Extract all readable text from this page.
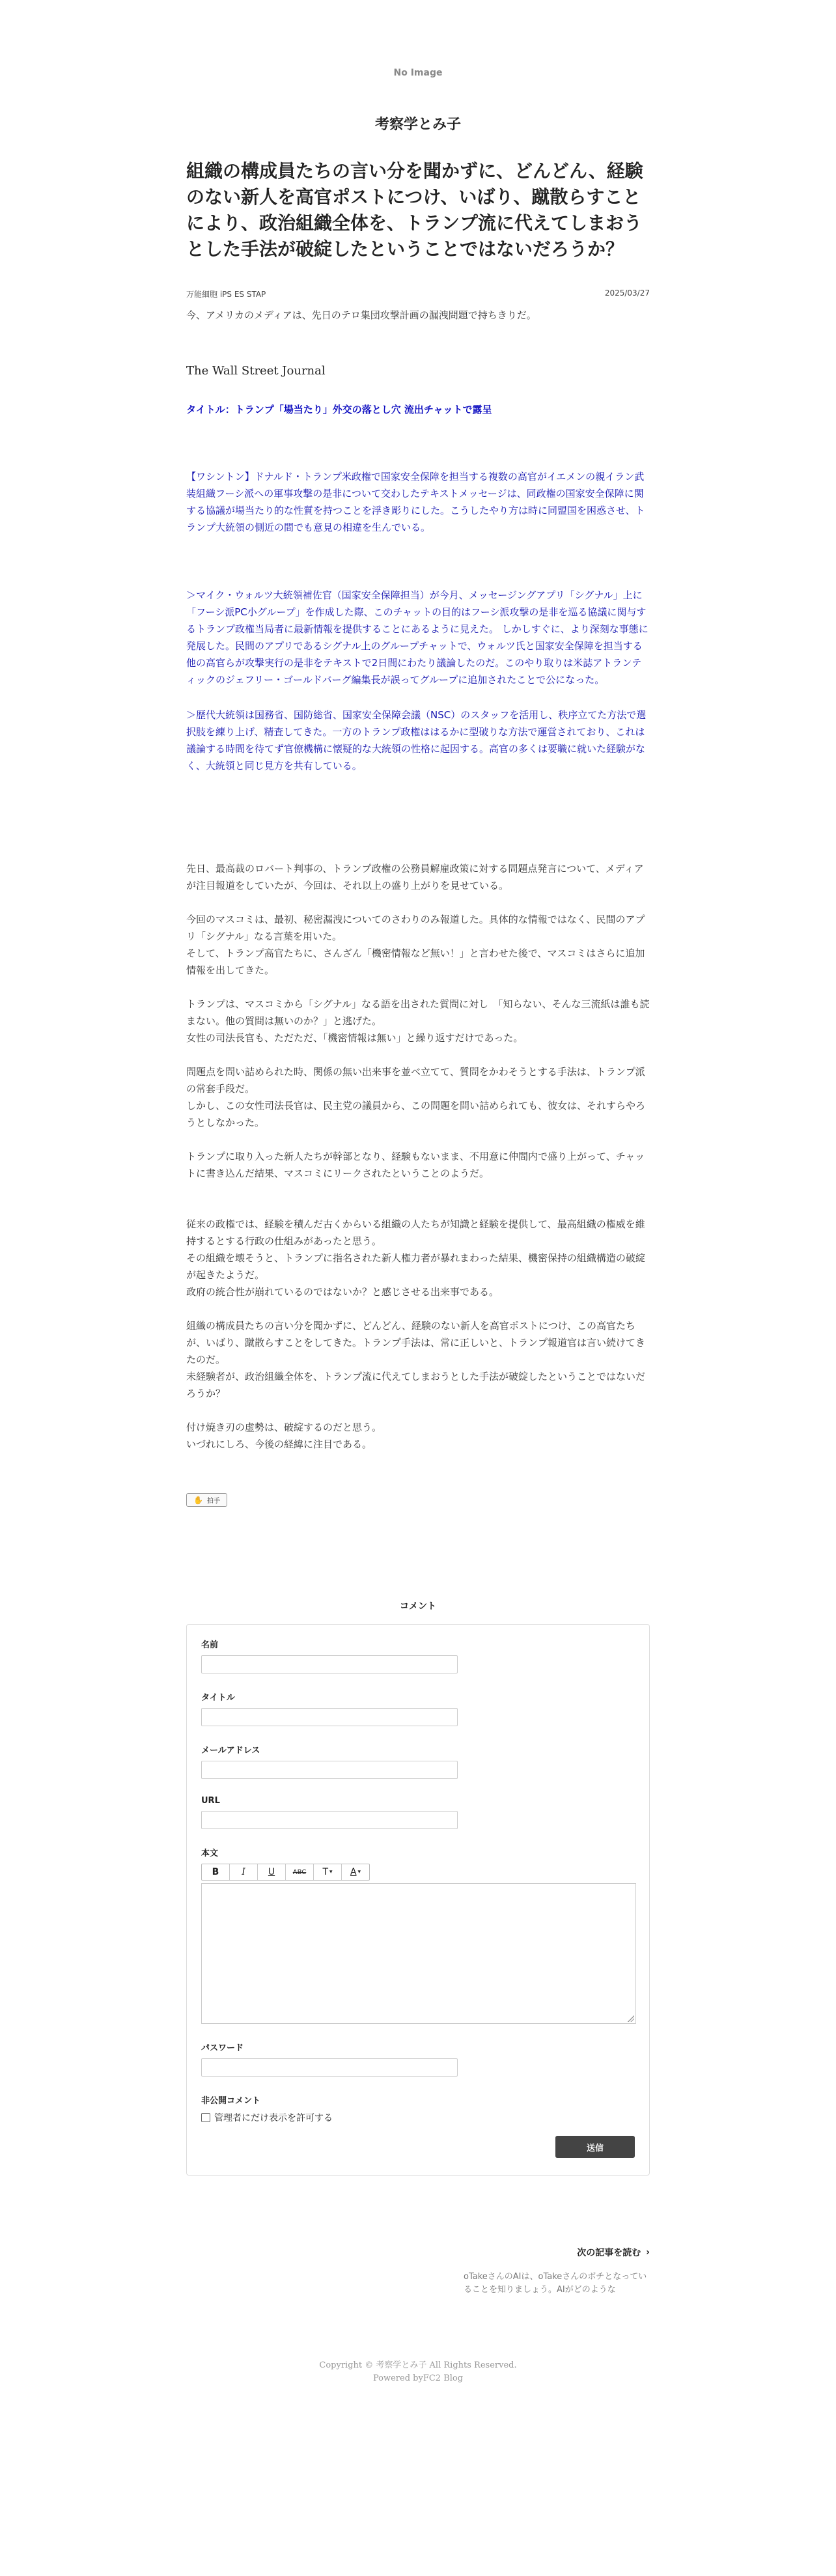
No Image
考察学とみ子
組織の構成員たちの言い分を聞かずに、どんどん、経験のない新人を高官ポストにつけ、いばり、蹴散らすことにより、政治組織全体を、トランプ流に代えてしまおうとした手法が破綻したということではないだろうか？
万能細胞 iPS ES STAP	2025/03/27
今、アメリカのメディアは、先日のテロ集団攻撃計画の漏洩問題で持ちきりだ。
The Wall Street Journal
タイトル：トランプ「場当たり」外交の落とし穴 流出チャットで露呈

【ワシントン】ドナルド・トランプ米政権で国家安全保障を担当する複数の高官がイエメンの親イラン武装組織フーシ派への軍事攻撃の是非について交わしたテキストメッセージは、同政権の国家安全保障に関する協議が場当たり的な性質を持つことを浮き彫りにした。こうしたやり方は時に同盟国を困惑させ、トランプ大統領の側近の間でも意見の相違を生んでいる。

＞マイク・ウォルツ大統領補佐官（国家安全保障担当）が今月、メッセージングアプリ「シグナル」上に「フーシ派PC小グループ」を作成した際、このチャットの目的はフーシ派攻撃の是非を巡る協議に関与するトランプ政権当局者に最新情報を提供することにあるように見えた。 しかしすぐに、より深刻な事態に発展した。民間のアプリであるシグナル上のグループチャットで、ウォルツ氏と国家安全保障を担当する他の高官らが攻撃実行の是非をテキストで2日間にわたり議論したのだ。このやり取りは米誌アトランティックのジェフリー・ゴールドバーグ編集長が誤ってグループに追加されたことで公になった。

＞歴代大統領は国務省、国防総省、国家安全保障会議（NSC）のスタッフを活用し、秩序立てた方法で選択肢を練り上げ、精査してきた。一方のトランプ政権ははるかに型破りな方法で運営されており、これは議論する時間を待てず官僚機構に懐疑的な大統領の性格に起因する。高官の多くは要職に就いた経験がなく、大統領と同じ見方を共有している。

先日、最高裁のロバート判事の、トランプ政権の公務員解雇政策に対する問題点発言について、メディアが注目報道をしていたが、今回は、それ以上の盛り上がりを見せている。

今回のマスコミは、最初、秘密漏洩についてのさわりのみ報道した。具体的な情報ではなく、民間のアプリ「シグナル」なる言葉を用いた。
そして、トランプ高官たちに、さんざん「機密情報など無い！」と言わせた後で、マスコミはさらに追加情報を出してきた。

トランプは、マスコミから「シグナル」なる語を出された質問に対し　「知らない、そんな三流紙は誰も読まない。他の質問は無いのか？」と逃げた。
女性の司法長官も、ただただ、「機密情報は無い」と繰り返すだけであった。

問題点を問い詰められた時、関係の無い出来事を並べ立てて、質問をかわそうとする手法は、トランプ派の常套手段だ。
しかし、この女性司法長官は、民主党の議員から、この問題を問い詰められても、彼女は、それすらやろうとしなかった。

トランプに取り入った新人たちが幹部となり、経験もないまま、不用意に仲間内で盛り上がって、チャットに書き込んだ結果、マスコミにリークされたということのようだ。

従来の政権では、経験を積んだ古くからいる組織の人たちが知識と経験を提供して、最高組織の権威を維持するとする行政の仕組みがあったと思う。
その組織を壊そうと、トランプに指名された新人権力者が暴れまわった結果、機密保持の組織構造の破綻が起きたようだ。
政府の統合性が崩れているのではないか？と感じさせる出来事である。

組織の構成員たちの言い分を聞かずに、どんどん、経験のない新人を高官ポストにつけ、この高官たちが、いばり、蹴散らすことをしてきた。トランプ手法は、常に正しいと、トランプ報道官は言い続けてきたのだ。
未経験者が、政治組織全体を、トランプ流に代えてしまおうとした手法が破綻したということではないだろうか？

付け焼き刃の虚勢は、破綻するのだと思う。
いづれにしろ、今後の経緯に注目である。

✋ 拍手
コメント
名前
タイトル
メールアドレス
URL
本文
B	I	U	ABC	T ▾ A ▾
パスワード
非公開コメント
管理者にだけ表示を許可する
送信
次の記事を読む ›
oTakeさんのAIは、oTakeさんのボチとなっていることを知りましょう。AIがどのような
Copyright © 考察学とみ子 All Rights Reserved.
Powered byFC2 Blog
